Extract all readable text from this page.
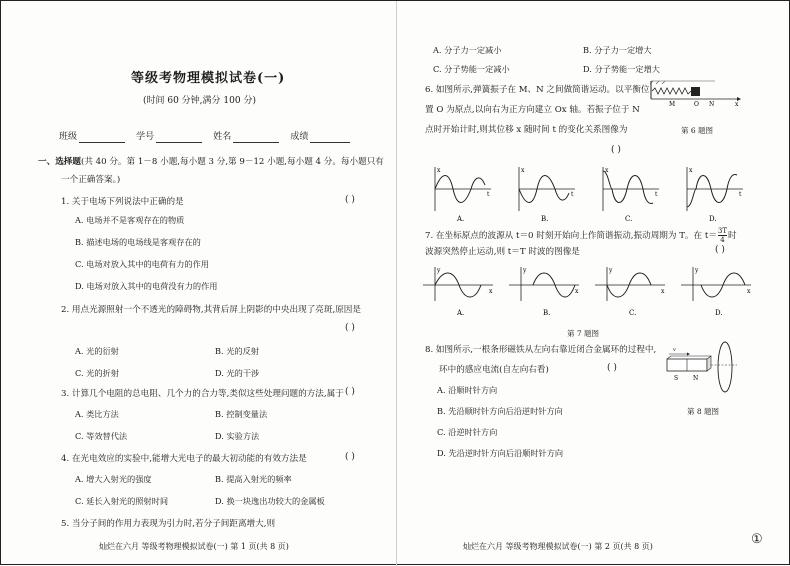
等级考物理模拟试卷(一)
(时间 60 分钟,满分 100 分)
班级	学号	姓名	成绩
一、选择题(共 40 分。第 1－8 小题,每小题 3 分,第 9－12 小题,每小题 4 分。每小题只有
一个正确答案。)
1. 关于电场下列说法中正确的是	( )
A. 电场并不是客观存在的物质
B. 描述电场的电场线是客观存在的
C. 电场对放入其中的电荷有力的作用
D. 电场对放入其中的电荷没有力的作用
2. 用点光源照射一个不透光的障碍物,其背后屏上阴影的中央出现了亮斑,原因是
( )
A. 光的衍射	B. 光的反射
C. 光的折射	D. 光的干涉
3. 计算几个电阻的总电阻、几个力的合力等,类似这些处理问题的方法,属于 ( )
A. 类比方法	B. 控制变量法
C. 等效替代法	D. 实验方法
4. 在光电效应的实验中,能增大光电子的最大初动能的有效方法是	( )
A. 增大入射光的强度	B. 提高入射光的频率
C. 延长入射光的照射时间	D. 换一块逸出功较大的金属板
5. 当分子间的作用力表现为引力时,若分子间距离增大,则
灿烂在六月 等级考物理模拟试卷(一) 第 1 页(共 8 页)
A. 分子力一定减小	B. 分子力一定增大
C. 分子势能一定减小	D. 分子势能一定增大
6. 如图所示,弹簧振子在 M、N 之间做简谐运动。以平衡位
置 O 为原点,以向右为正方向建立 Ox 轴。若振子位于 N
点时开始计时,则其位移 x 随时间 t 的变化关系图像为
( )
M	O N	x
第 6 题图
x
t
A.
x
t
B.
x
t
C.
x
t
D.
7. 在坐标原点的波源从 t＝0 时刻开始向上作简谐振动,振动周期为 T。在 $t= \frac{3T}{4}$ 时
波源突然停止运动,则 t＝T 时波的图像是	( )
y
x
A.
y
x
B.
y
x
C.
y
x
D.
第 7 题图
8. 如图所示,一根条形磁铁从左向右靠近闭合金属环的过程中,
环中的感应电流(自左向右看)	( )
A. 沿顺时针方向
B. 先沿顺时针方向后沿逆时针方向
C. 沿逆时针方向
D. 先沿逆时针方向后沿顺时针方向
v
S N
第 8 题图
灿烂在六月 等级考物理模拟试卷(一) 第 2 页(共 8 页)	①
